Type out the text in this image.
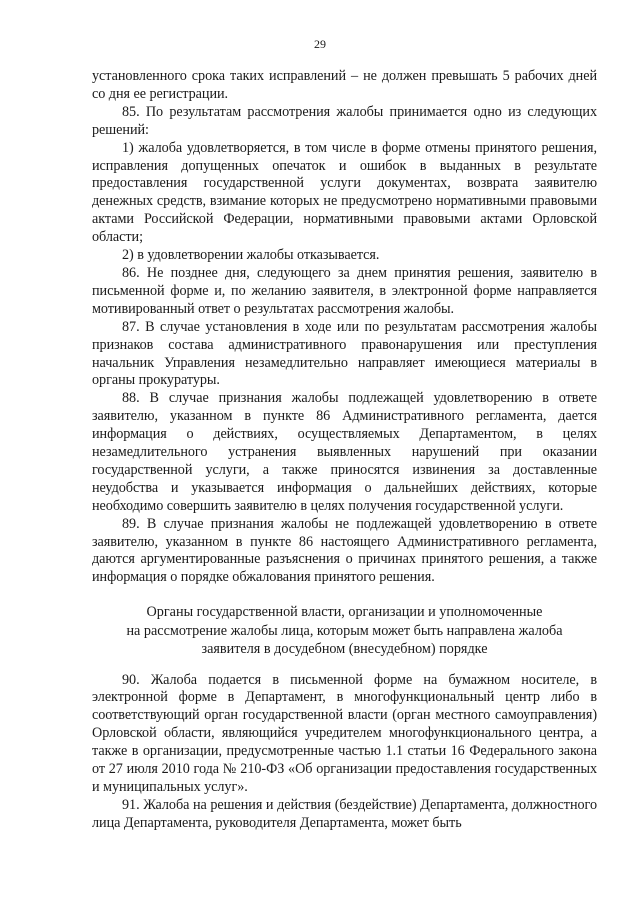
29

установленного срока таких исправлений – не должен превышать 5 рабочих дней со дня ее регистрации.

85. По результатам рассмотрения жалобы принимается одно из следующих решений:

1) жалоба удовлетворяется, в том числе в форме отмены принятого решения, исправления допущенных опечаток и ошибок в выданных в результате предоставления государственной услуги документах, возврата заявителю денежных средств, взимание которых не предусмотрено нормативными правовыми актами Российской Федерации, нормативными правовыми актами Орловской области;

2) в удовлетворении жалобы отказывается.

86. Не позднее дня, следующего за днем принятия решения, заявителю в письменной форме и, по желанию заявителя, в электронной форме направляется мотивированный ответ о результатах рассмотрения жалобы.

87. В случае установления в ходе или по результатам рассмотрения жалобы признаков состава административного правонарушения или преступления начальник Управления незамедлительно направляет имеющиеся материалы в органы прокуратуры.

88. В случае признания жалобы подлежащей удовлетворению в ответе заявителю, указанном в пункте 86 Административного регламента, дается информация о действиях, осуществляемых Департаментом, в целях незамедлительного устранения выявленных нарушений при оказании государственной услуги, а также приносятся извинения за доставленные неудобства и указывается информация о дальнейших действиях, которые необходимо совершить заявителю в целях получения государственной услуги.

89. В случае признания жалобы не подлежащей удовлетворению в ответе заявителю, указанном в пункте 86 настоящего Административного регламента, даются аргументированные разъяснения о причинах принятого решения, а также информация о порядке обжалования принятого решения.

Органы государственной власти, организации и уполномоченные
на рассмотрение жалобы лица, которым может быть направлена жалоба
заявителя в досудебном (внесудебном) порядке

90. Жалоба подается в письменной форме на бумажном носителе, в электронной форме в Департамент, в многофункциональный центр либо в соответствующий орган государственной власти (орган местного самоуправления) Орловской области, являющийся учредителем многофункционального центра, а также в организации, предусмотренные частью 1.1 статьи 16 Федерального закона от 27 июля 2010 года № 210-ФЗ «Об организации предоставления государственных и муниципальных услуг».

91. Жалоба на решения и действия (бездействие) Департамента, должностного лица Департамента, руководителя Департамента, может быть
